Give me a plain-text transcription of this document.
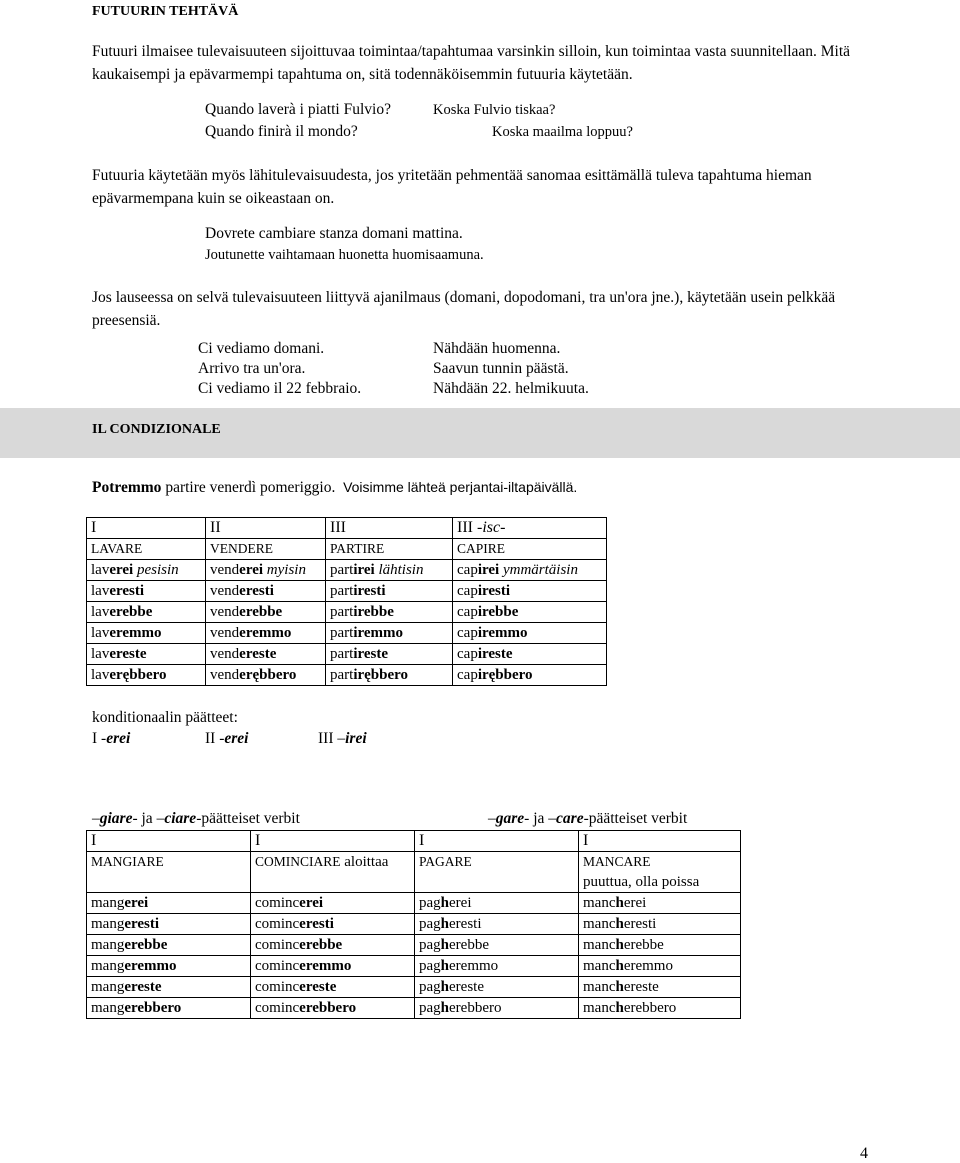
FUTUURIN TEHTÄVÄ
Futuuri ilmaisee tulevaisuuteen sijoittuvaa toimintaa/tapahtumaa varsinkin silloin, kun toimintaa vasta suunnitellaan. Mitä kaukaisempi ja epävarmempi tapahtuma on, sitä todennäköisemmin futuuria käytetään.
Quando laverà i piatti Fulvio?	Koska Fulvio tiskaa?
Quando finirà il mondo?	Koska maailma loppuu?
Futuuria käytetään myös lähitulevaisuudesta, jos yritetään pehmentää sanomaa esittämällä tuleva tapahtuma hieman epävarmempana kuin se oikeastaan on.
Dovrete cambiare stanza domani mattina.
Joutunette vaihtamaan huonetta huomisaamuna.
Jos lauseessa on selvä tulevaisuuteen liittyvä ajanilmaus (domani, dopodomani, tra un'ora jne.), käytetään usein pelkkää preesensiä.
Ci vediamo domani.	Nähdään huomenna.
Arrivo tra un'ora.	Saavun tunnin päästä.
Ci vediamo il 22 febbraio.	Nähdään 22. helmikuuta.
IL CONDIZIONALE
Potremmo partire venerdì pomeriggio. Voisimme lähteä perjantai-iltapäivällä.
I	II	III	III -isc-
LAVARE	VENDERE	PARTIRE	CAPIRE
laverei pesisin	venderei myisin	partirei lähtisin	capirei ymmärtäisin
laveresti	venderesti	partiresti	capiresti
laverebbe	venderebbe	partirebbe	capirebbe
laveremmo	venderemmo	partiremmo	capiremmo
lavereste	vendereste	partireste	capireste
laverębbero	venderębbero	partirębbero	capirębbero
konditionaalin päätteet:
I -erei	II -erei	III –irei
–giare- ja –ciare-päätteiset verbit	–gare- ja –care-päätteiset verbit
I	I	I	I
MANGIARE	COMINCIARE aloittaa	PAGARE	MANCARE
puuttua, olla poissa
mangerei	comincerei	pagherei	mancherei
mangeresti	cominceresti	pagheresti	mancheresti
mangerebbe	comincerebbe	pagherebbe	mancherebbe
mangeremmo	cominceremmo	pagheremmo	mancheremmo
mangereste	comincereste	paghereste	manchereste
mangerebbero	comincerebbero	pagherebbero	mancherebbero
4
